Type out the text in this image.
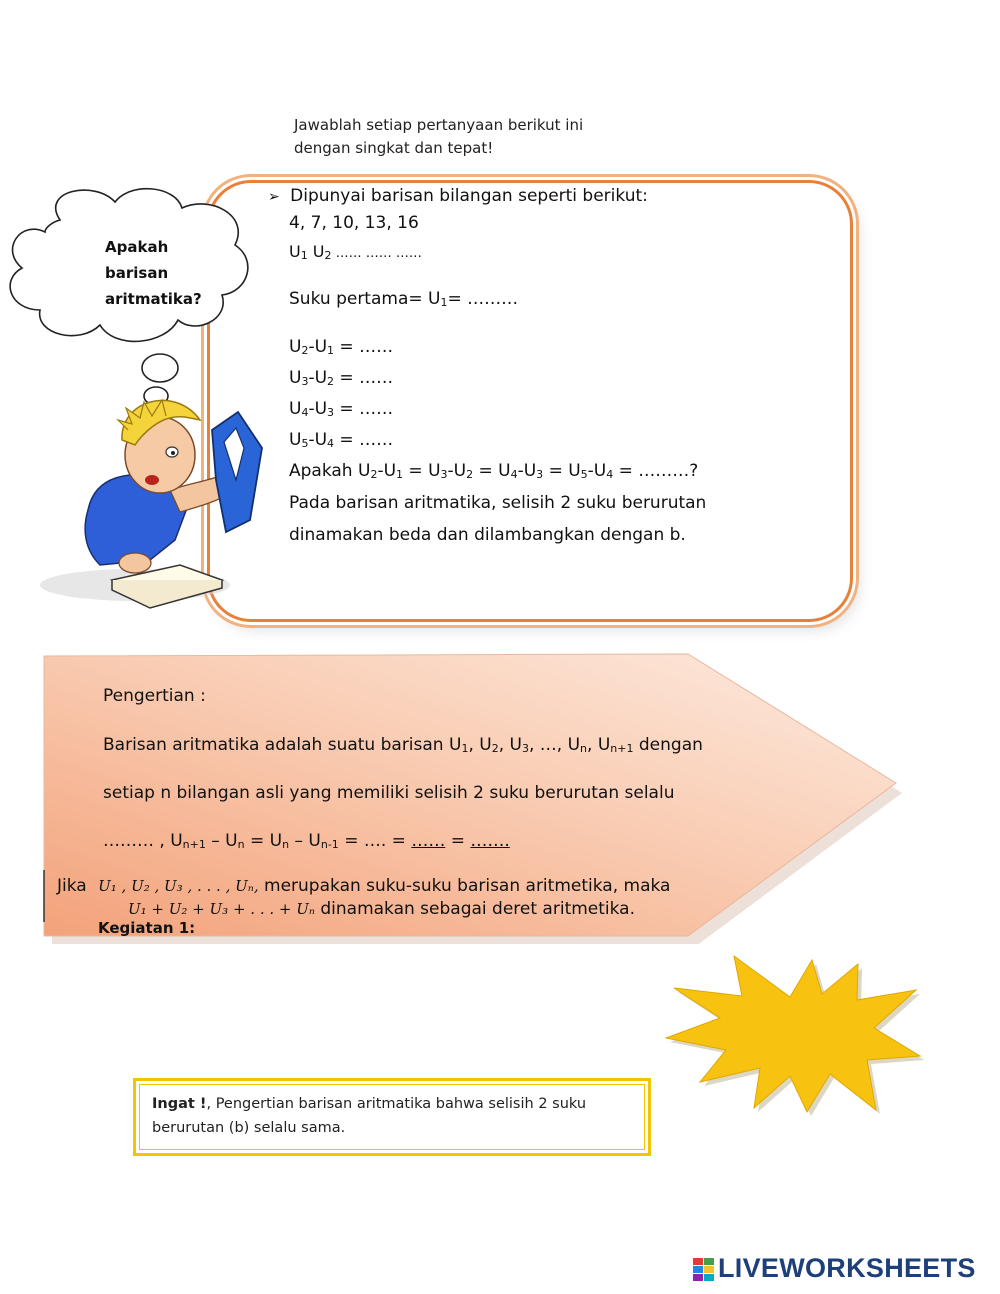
Jawablah setiap pertanyaan berikut ini
dengan singkat dan tepat!
Apakah
barisan
aritmatika?
➢ Dipunyai barisan bilangan seperti berikut:
4, 7, 10, 13, 16
$U_1$ $U_2$ …… …… ……
Suku pertama= $U_1=$ ………
$U_2-U_1$ = ……
$U_3-U_2$ = ……
$U_4-U_3$ = ……
$U_5-U_4$ = ……
Apakah $U_2-U_1 = U_3-U_2 = U_4-U_3 = U_5-U_4$ = ………?
Pada barisan aritmatika, selisih 2 suku berurutan
dinamakan beda dan dilambangkan dengan b.
Pengertian :
Barisan aritmatika adalah suatu barisan $U_1$, $U_2$, $U_3$, …, $U_n$, $U_{n+1}$ dengan
setiap n bilangan asli yang memiliki selisih 2 suku berurutan selalu
……… , $U_{n+1} - U_n = U_n - U_{n-1}$ = …. = …… = …….
Jika U₁ , U₂ , U₃ , . . . , Uₙ, merupakan suku-suku barisan aritmetika, maka
U₁ + U₂ + U₃ + . . . + Uₙ dinamakan sebagai deret aritmetika.
Kegiatan 1:
Ingat !, Pengertian barisan aritmatika bahwa selisih 2 suku
berurutan (b) selalu sama.
LIVEWORKSHEETS
